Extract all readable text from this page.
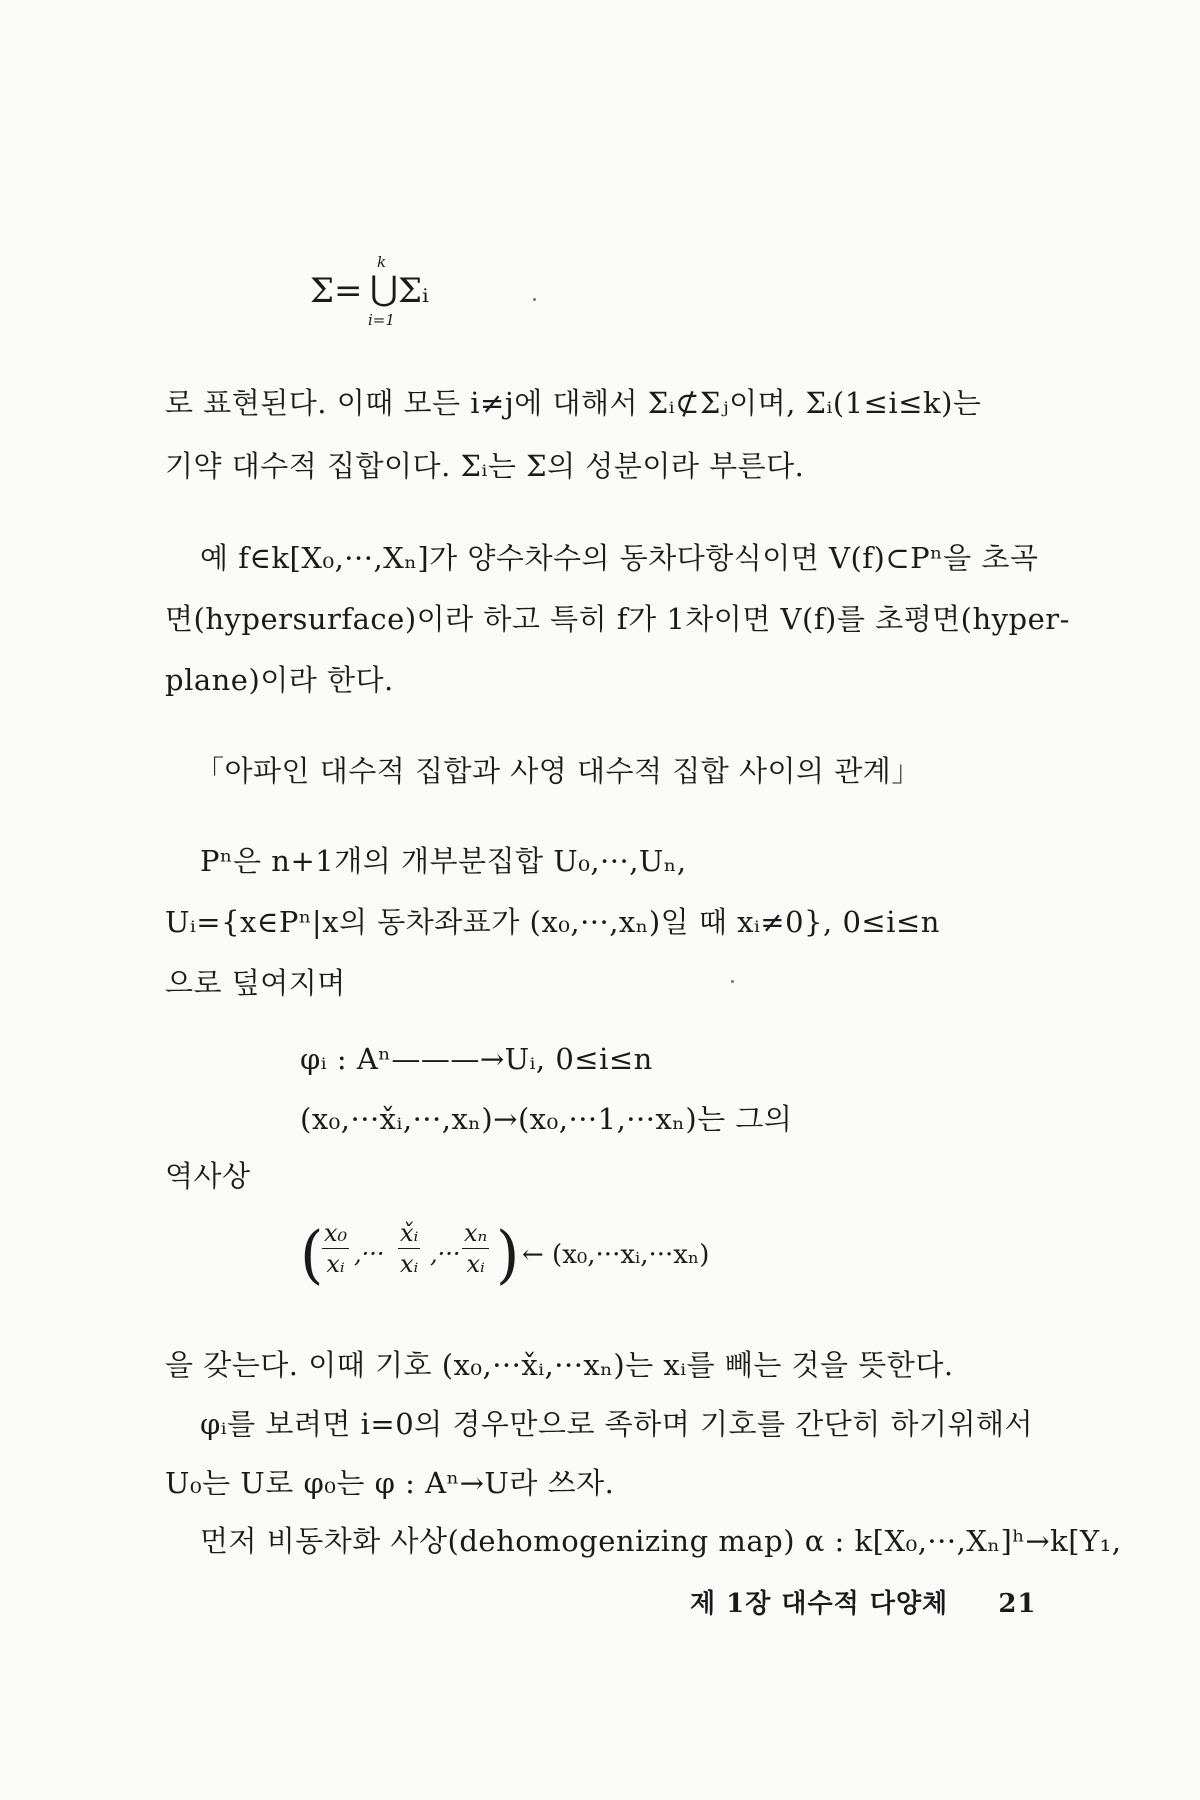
Σ=
k
⋃
i=1
Σᵢ
로 표현된다. 이때 모든 i≠j에 대해서 Σᵢ⊄Σⱼ이며, Σᵢ(1≤i≤k)는
기약 대수적 집합이다. Σᵢ는 Σ의 성분이라 부른다.
예 f∈k[X₀,···,Xₙ]가 양수차수의 동차다항식이면 V(f)⊂Pⁿ을 초곡
면(hypersurface)이라 하고 특히 f가 1차이면 V(f)를 초평면(hyper-
plane)이라 한다.
「아파인 대수적 집합과 사영 대수적 집합 사이의 관계」
Pⁿ은 n+1개의 개부분집합 U₀,···,Uₙ,
Uᵢ={x∈Pⁿ|x의 동차좌표가 (x₀,···,xₙ)일 때 xᵢ≠0}, 0≤i≤n
으로 덮여지며
φᵢ : Aⁿ———→Uᵢ, 0≤i≤n
(x₀,···x̌ᵢ,···,xₙ)→(x₀,···1,···xₙ)는 그의
역사상
(
$\frac{\text{x₀}}{\text{xᵢ}}$ ,··· $\frac{\text{x̌ᵢ}}{\text{xᵢ}}$ ,··· $\frac{\text{xₙ}}{\text{xᵢ}}$ ) ← (x₀,···xᵢ,···xₙ)
을 갖는다. 이때 기호 (x₀,···x̌ᵢ,···xₙ)는 xᵢ를 빼는 것을 뜻한다.
φᵢ를 보려면 i=0의 경우만으로 족하며 기호를 간단히 하기위해서
U₀는 U로 φ₀는 φ : Aⁿ→U라 쓰자.
먼저 비동차화 사상(dehomogenizing map) α : k[X₀,···,Xₙ]ʰ→k[Y₁,
제 1장 대수적 다양체 21
